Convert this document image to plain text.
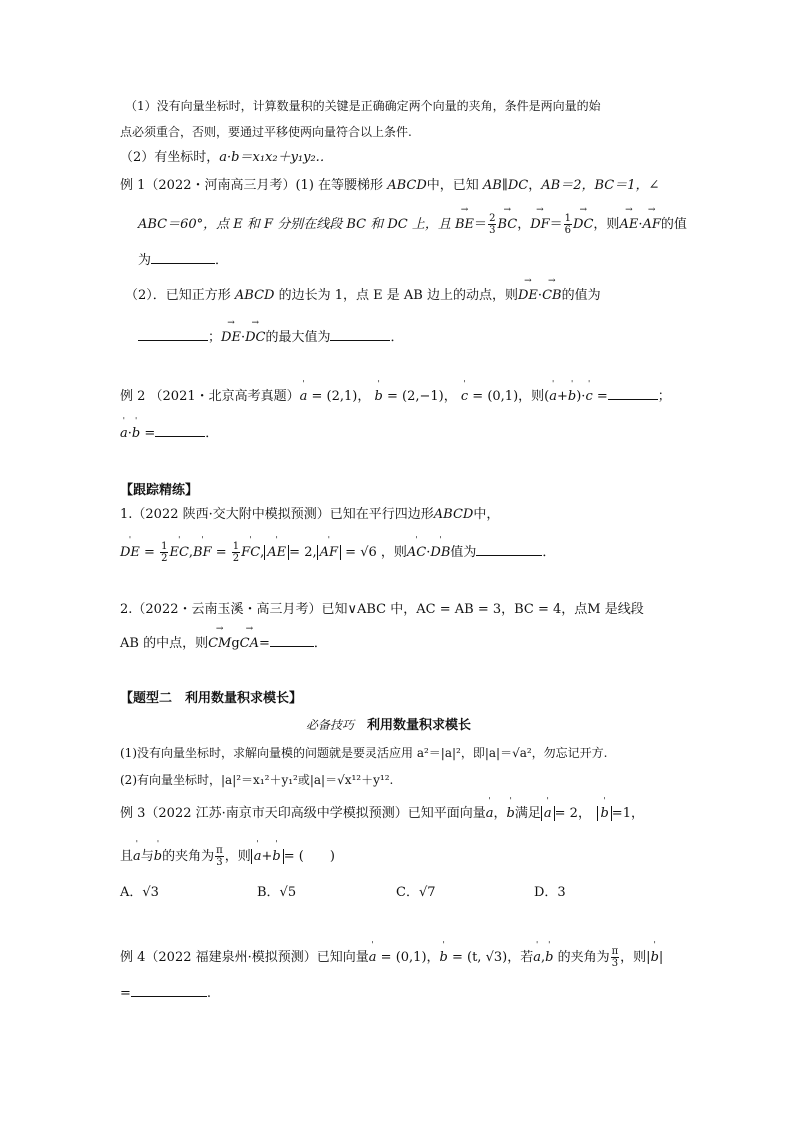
（1）没有向量坐标时，计算数量积的关键是正确确定两个向量的夹角，条件是两向量的始
点必须重合，否则，要通过平移使两向量符合以上条件.
（2）有坐标时，a·b＝x₁x₂＋y₁y₂.．
例 1（2022・河南高三月考）(1) 在等腰梯形 ABCD中，已知 AB∥DC，AB＝2，BC＝1，∠
ABC＝60°，点 E 和 F 分别在线段 BC 和 DC 上，且 → $BE= \frac{2}{3}$ → BC，→ $DF= \frac{1}{6}$ → DC，则→ AE·→ AF的值
为	．
（2）．已知正方形 ABCD 的边长为 1，点 E 是 AB 边上的动点，则→ DE·→ CB的值为
；→ DE·→ DC的最大值为	．
例 2 （2021・北京高考真题）' a = (2,1)， ' b = (2,−1)， ' c = (0,1)，则(' a+' b)·' c =	；
' a·' b =	．
【跟踪精练】
1.（2022 陕西·交大附中模拟预测）已知在平行四边形ABCD中，
' DE = $\frac{1}{2}$ ' EC,' BF = $\frac{1}{2}$ ' FC, ' AE = 2, ' AF = √6 ，则' AC·' DB值为	．
2.（2022・云南玉溪・高三月考）已知∨ABC 中，AC = AB = 3，BC = 4，点M 是线段
AB 的中点，则→ CMg→ CA=	．
【题型二　利用数量积求模长】
必备技巧　 利用数量积求模长
(1)没有向量坐标时，求解向量模的问题就是要灵活应用 a²＝|a|²，即|a|＝√a²，勿忘记开方.
(2)有向量坐标时，|a|²＝x₁²＋y₁²或|a|＝√x¹²＋y¹².
例 3（2022 江苏·南京市天印高级中学模拟预测）已知平面向量' a，' b满足 ' a = 2，　 ' b =1，
且' a与' b的夹角为 $\frac{\pi}{3}$ ，则 ' a+' b = (　　)
A．√3	B．√5	C．√7	D．3
例 4（2022 福建泉州·模拟预测）已知向量' a = (0,1)，' b = (t, √3)，若' a,' b 的夹角为 $\frac{\pi}{3}$ ，则|' b|
=	.
